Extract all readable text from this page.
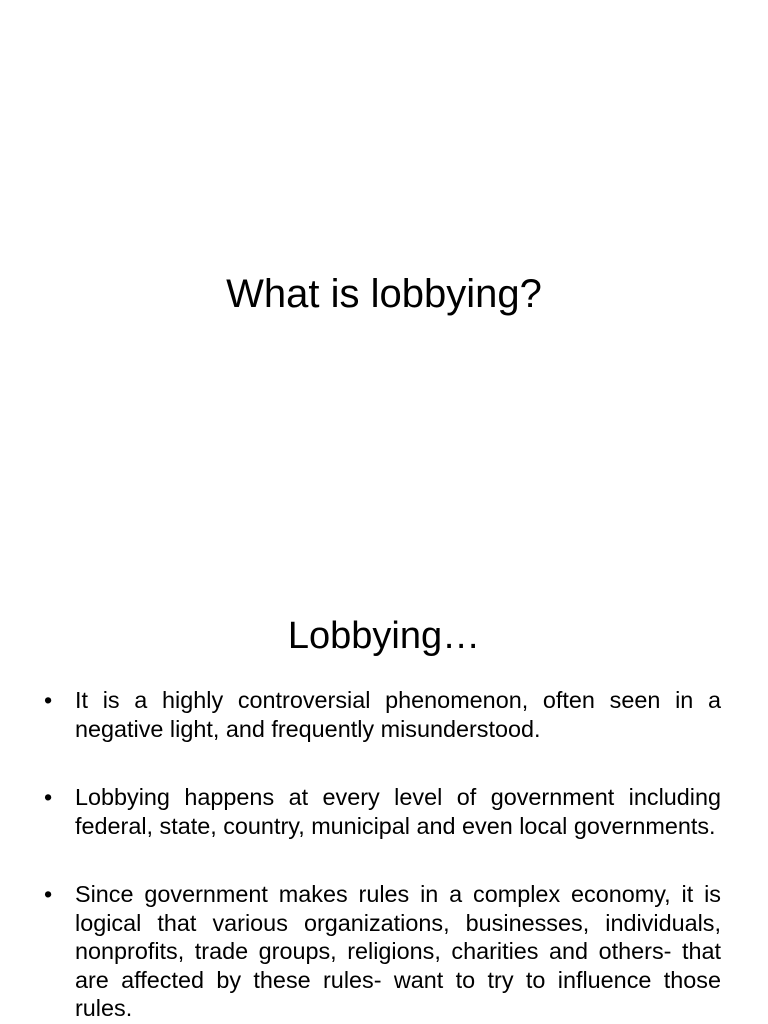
What is lobbying?
Lobbying…
• It is a highly controversial phenomenon, often seen in a negative light, and frequently misunderstood.
• Lobbying happens at every level of government including federal, state, country, municipal and even local governments.
• Since government makes rules in a complex economy, it is logical that various organizations, businesses, individuals, nonprofits, trade groups, religions, charities and others- that are affected by these rules- want to try to influence those rules.
